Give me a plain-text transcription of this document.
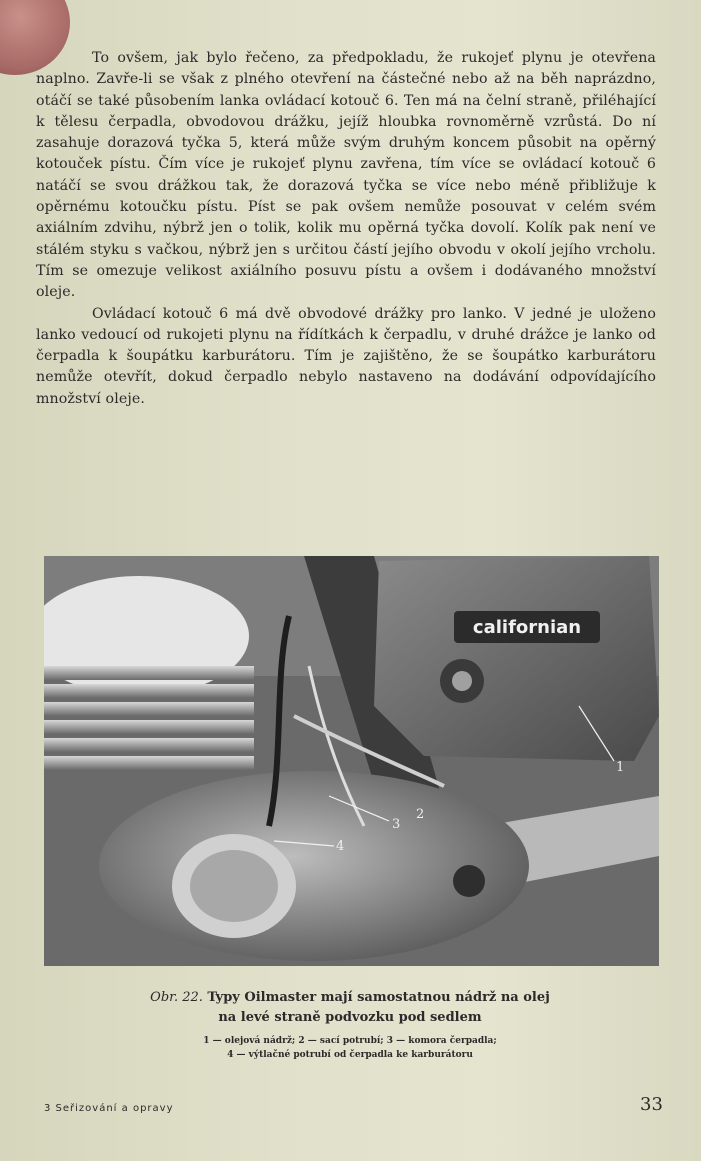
To ovšem, jak bylo řečeno, za předpokladu, že rukojeť plynu je otevřena naplno. Zavře-li se však z plného otevření na částečné nebo až na běh naprázdno, otáčí se také působením lanka ovládací kotouč 6. Ten má na čelní straně, přiléhající k tělesu čerpadla, obvodovou drážku, jejíž hloubka rovnoměrně vzrůstá. Do ní zasahuje dorazová tyčka 5, která může svým druhým koncem působit na opěrný kotouček pístu. Čím více je rukojeť plynu zavřena, tím více se ovládací kotouč 6 natáčí se svou drážkou tak, že dorazová tyčka se více nebo méně přibližuje k opěrnému kotoučku pístu. Píst se pak ovšem nemůže posouvat v celém svém axiálním zdvihu, nýbrž jen o tolik, kolik mu opěrná tyčka dovolí. Kolík pak není ve stálém styku s vačkou, nýbrž jen s určitou částí jejího obvodu v okolí jejího vrcholu. Tím se omezuje velikost axiálního posuvu pístu a ovšem i dodávaného množství oleje.

Ovládací kotouč 6 má dvě obvodové drážky pro lanko. V jedné je uloženo lanko vedoucí od rukojeti plynu na řídítkách k čerpadlu, v druhé drážce je lanko od čerpadla k šoupátku karburátoru. Tím je zajištěno, že se šoupátko karburátoru nemůže otevřít, dokud čerpadlo nebylo nastaveno na dodávání odpovídajícího množství oleje.

californian
1
2
3
4
Obr. 22. Typy Oilmaster mají samostatnou nádrž na olej
na levé straně podvozku pod sedlem
1 — olejová nádrž; 2 — sací potrubí; 3 — komora čerpadla;
4 — výtlačné potrubí od čerpadla ke karburátoru
3 Seřizování a opravy	33
